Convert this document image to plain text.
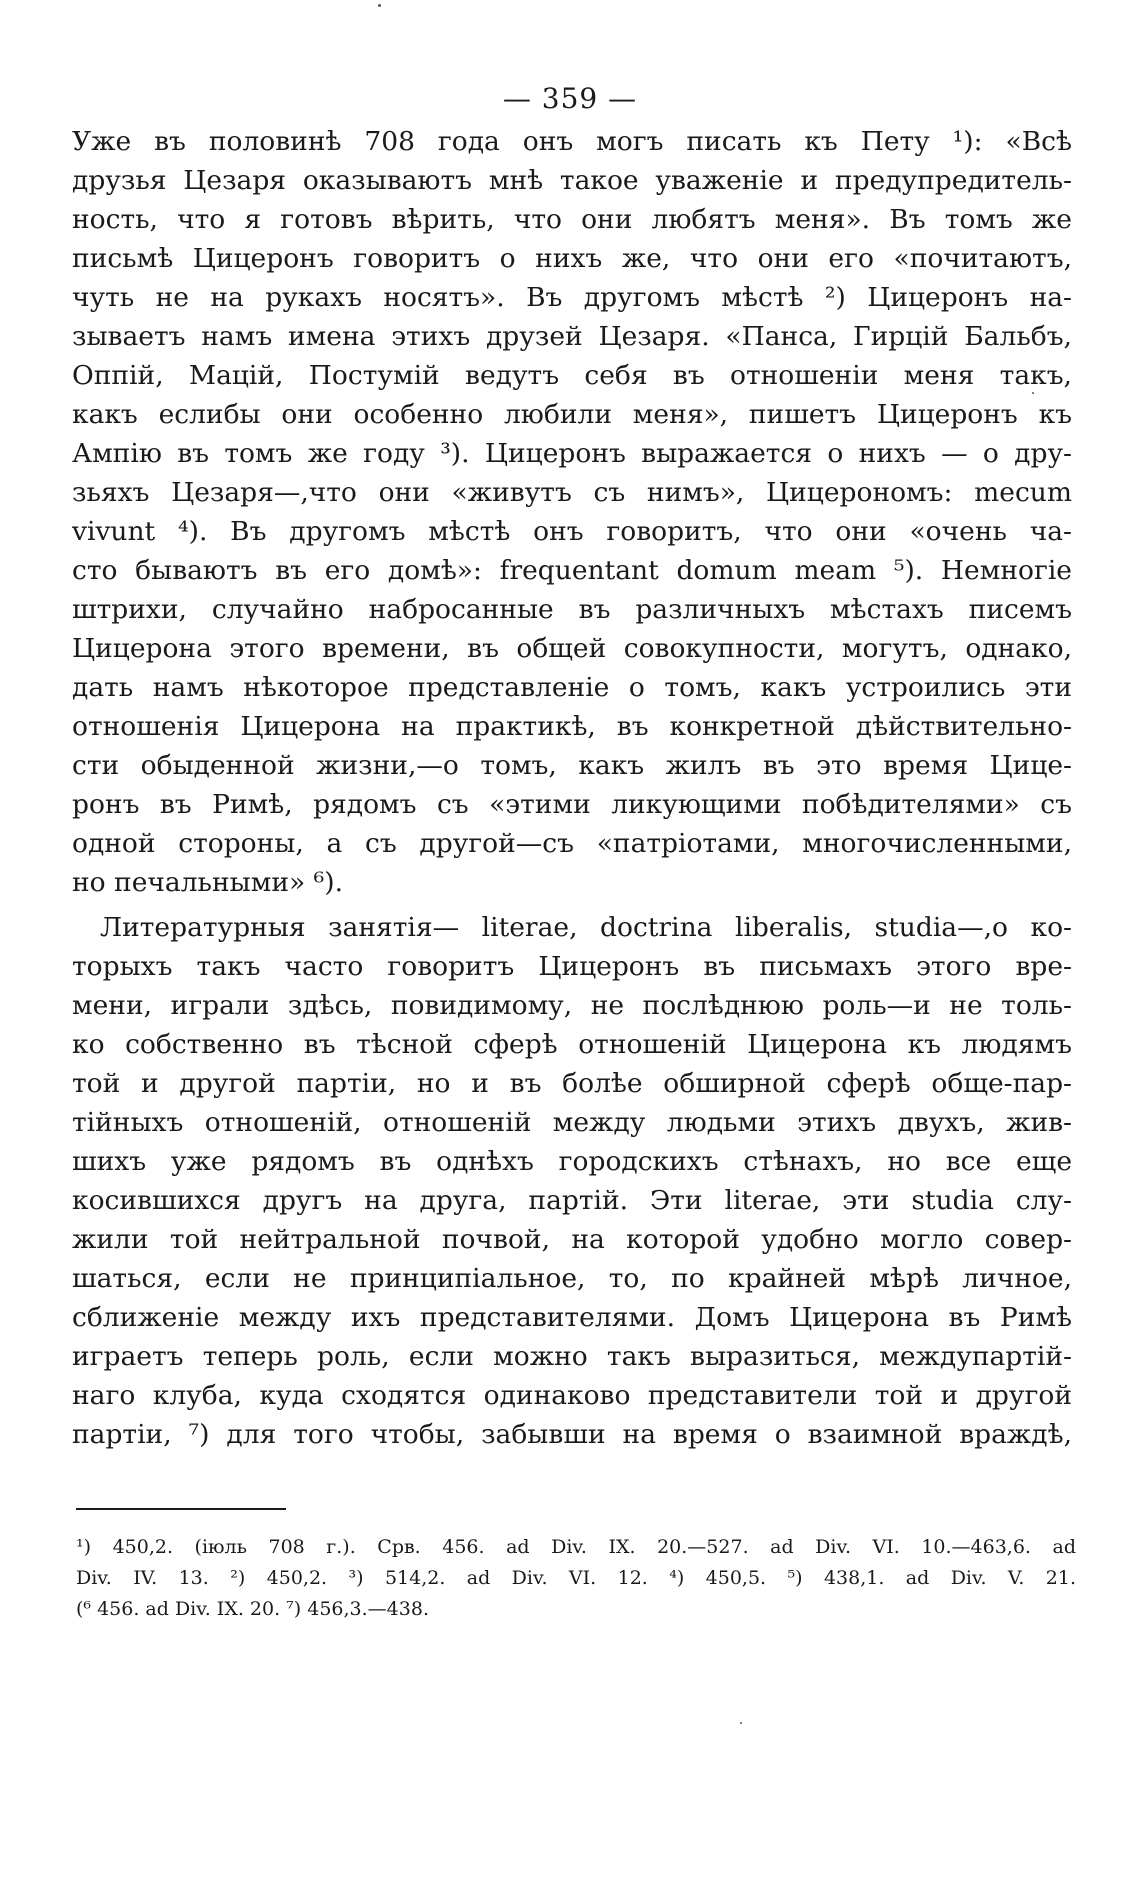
— 359 —
Уже въ половинѣ 708 года онъ могъ писать къ Пету ¹): «Всѣ
друзья Цезаря оказываютъ мнѣ такое уваженіе и предупредитель-
ность, что я готовъ вѣрить, что они любятъ меня». Въ томъ же
письмѣ Цицеронъ говоритъ о нихъ же, что они его «почитаютъ,
чуть не на рукахъ носятъ». Въ другомъ мѣстѣ ²) Цицеронъ на-
зываетъ намъ имена этихъ друзей Цезаря. «Панса, Гирцій Бальбъ,
Оппій, Мацій, Постумій ведутъ себя въ отношеніи меня такъ,
какъ еслибы они особенно любили меня», пишетъ Цицеронъ къ
Ампію въ томъ же году ³). Цицеронъ выражается о нихъ — о дру-
зьяхъ Цезаря—,что они «живутъ съ нимъ», Цицерономъ: mecum
vivunt ⁴). Въ другомъ мѣстѣ онъ говоритъ, что они «очень ча-
сто бываютъ въ его домѣ»: frequentant domum meam ⁵). Немногіе
штрихи, случайно набросанные въ различныхъ мѣстахъ писемъ
Цицерона этого времени, въ общей совокупности, могутъ, однако,
дать намъ нѣкоторое представленіе о томъ, какъ устроились эти
отношенія Цицерона на практикѣ, въ конкретной дѣйствительно-
сти обыденной жизни,—о томъ, какъ жилъ въ это время Цице-
ронъ въ Римѣ, рядомъ съ «этими ликующими побѣдителями» съ
одной стороны, а съ другой—съ «патріотами, многочисленными,
но печальными» ⁶).
Литературныя занятія— literae, doctrina liberalis, studia—,о ко-
торыхъ такъ часто говоритъ Цицеронъ въ письмахъ этого вре-
мени, играли здѣсь, повидимому, не послѣднюю роль—и не толь-
ко собственно въ тѣсной сферѣ отношеній Цицерона къ людямъ
той и другой партіи, но и въ болѣе обширной сферѣ обще-пар-
тійныхъ отношеній, отношеній между людьми этихъ двухъ, жив-
шихъ уже рядомъ въ однѣхъ городскихъ стѣнахъ, но все еще
косившихся другъ на друга, партій. Эти literae, эти studia слу-
жили той нейтральной почвой, на которой удобно могло совер-
шаться, если не принципіальное, то, по крайней мѣрѣ личное,
сближеніе между ихъ представителями. Домъ Цицерона въ Римѣ
играетъ теперь роль, если можно такъ выразиться, междупартій-
наго клуба, куда сходятся одинаково представители той и другой
партіи, ⁷) для того чтобы, забывши на время о взаимной враждѣ,
¹) 450,2. (іюль 708 г.). Срв. 456. ad Div. IX. 20.—527. ad Div. VI. 10.—463,6. ad
Div. IV. 13. ²) 450,2. ³) 514,2. ad Div. VI. 12. ⁴) 450,5. ⁵) 438,1. ad Div. V. 21.
(⁶ 456. ad Div. IX. 20. ⁷) 456,3.—438.
